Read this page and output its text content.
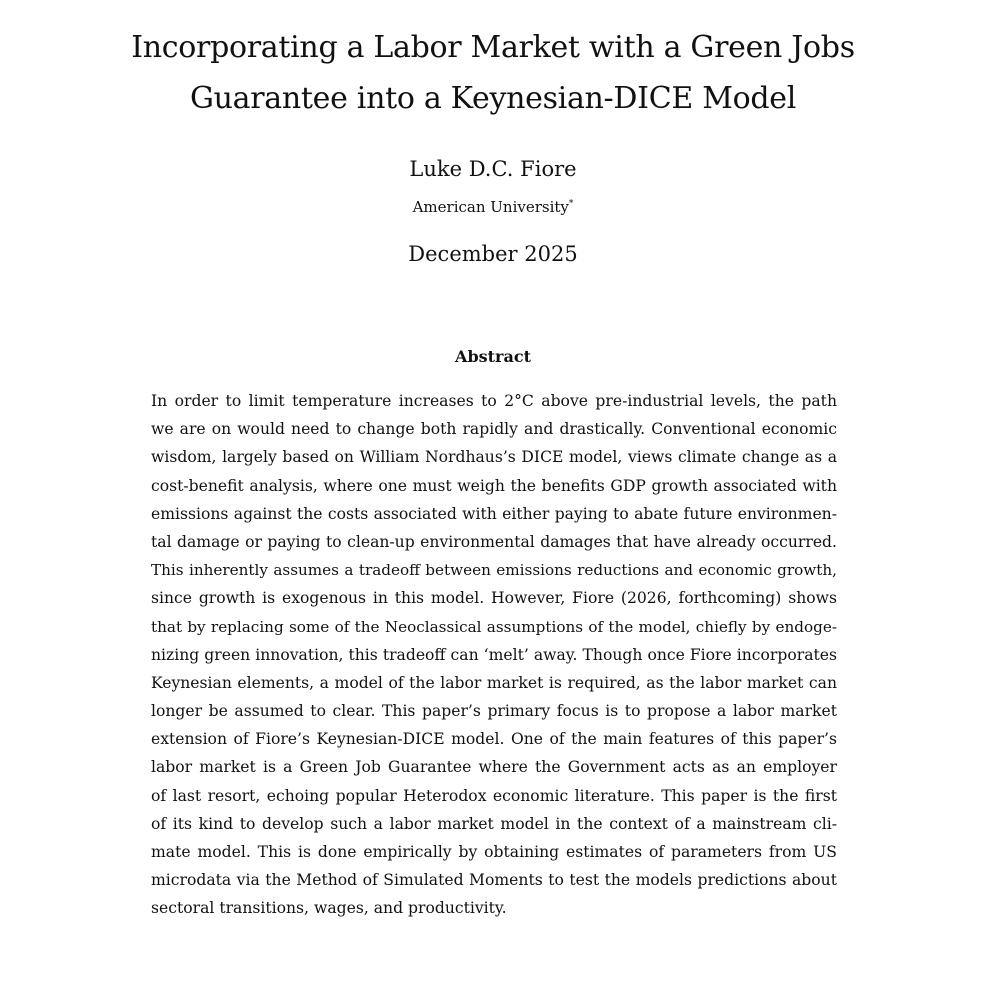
Incorporating a Labor Market with a Green Jobs
Guarantee into a Keynesian-DICE Model
Luke D.C. Fiore
American University*
December 2025
Abstract
In order to limit temperature increases to 2°C above pre-industrial levels, the path
we are on would need to change both rapidly and drastically. Conventional economic
wisdom, largely based on William Nordhaus’s DICE model, views climate change as a
cost-benefit analysis, where one must weigh the benefits GDP growth associated with
emissions against the costs associated with either paying to abate future environmen-
tal damage or paying to clean-up environmental damages that have already occurred.
This inherently assumes a tradeoff between emissions reductions and economic growth,
since growth is exogenous in this model. However, Fiore (2026, forthcoming) shows
that by replacing some of the Neoclassical assumptions of the model, chiefly by endoge-
nizing green innovation, this tradeoff can ‘melt’ away. Though once Fiore incorporates
Keynesian elements, a model of the labor market is required, as the labor market can
longer be assumed to clear. This paper’s primary focus is to propose a labor market
extension of Fiore’s Keynesian-DICE model. One of the main features of this paper’s
labor market is a Green Job Guarantee where the Government acts as an employer
of last resort, echoing popular Heterodox economic literature. This paper is the first
of its kind to develop such a labor market model in the context of a mainstream cli-
mate model. This is done empirically by obtaining estimates of parameters from US
microdata via the Method of Simulated Moments to test the models predictions about
sectoral transitions, wages, and productivity.
